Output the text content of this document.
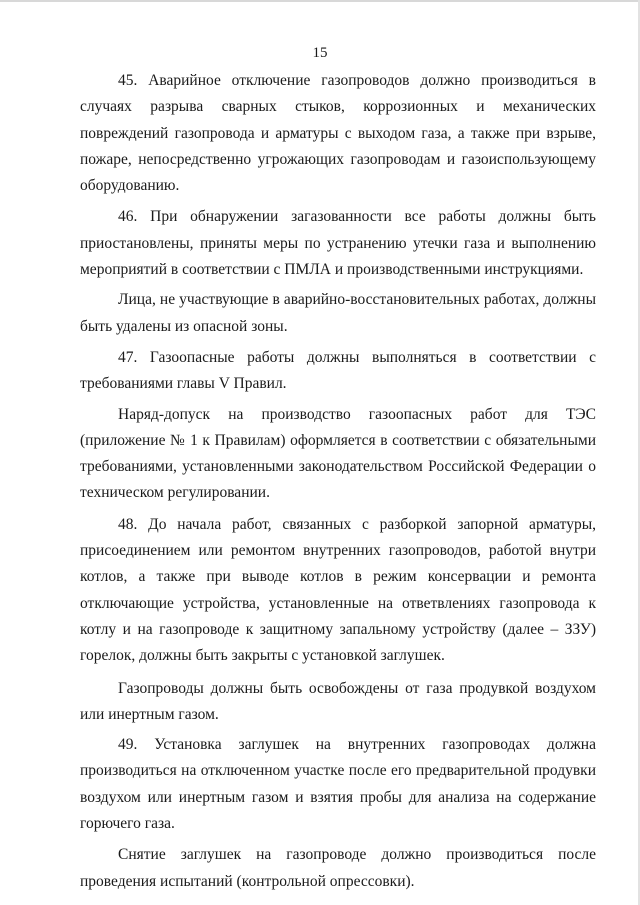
15

45. Аварийное отключение газопроводов должно производиться в случаях разрыва сварных стыков, коррозионных и механических повреждений газопровода и арматуры с выходом газа, а также при взрыве, пожаре, непосредственно угрожающих газопроводам и газоиспользующему оборудованию.

46. При обнаружении загазованности все работы должны быть приостановлены, приняты меры по устранению утечки газа и выполнению мероприятий в соответствии с ПМЛА и производственными инструкциями.

Лица, не участвующие в аварийно-восстановительных работах, должны быть удалены из опасной зоны.

47. Газоопасные работы должны выполняться в соответствии с требованиями главы V Правил.

Наряд-допуск на производство газоопасных работ для ТЭС (приложение № 1 к Правилам) оформляется в соответствии с обязательными требованиями, установленными законодательством Российской Федерации о техническом регулировании.

48. До начала работ, связанных с разборкой запорной арматуры, присоединением или ремонтом внутренних газопроводов, работой внутри котлов, а также при выводе котлов в режим консервации и ремонта отключающие устройства, установленные на ответвлениях газопровода к котлу и на газопроводе к защитному запальному устройству (далее – ЗЗУ) горелок, должны быть закрыты с установкой заглушек.

Газопроводы должны быть освобождены от газа продувкой воздухом или инертным газом.

49. Установка заглушек на внутренних газопроводах должна производиться на отключенном участке после его предварительной продувки воздухом или инертным газом и взятия пробы для анализа на содержание горючего газа.

Снятие заглушек на газопроводе должно производиться после проведения испытаний (контрольной опрессовки).
